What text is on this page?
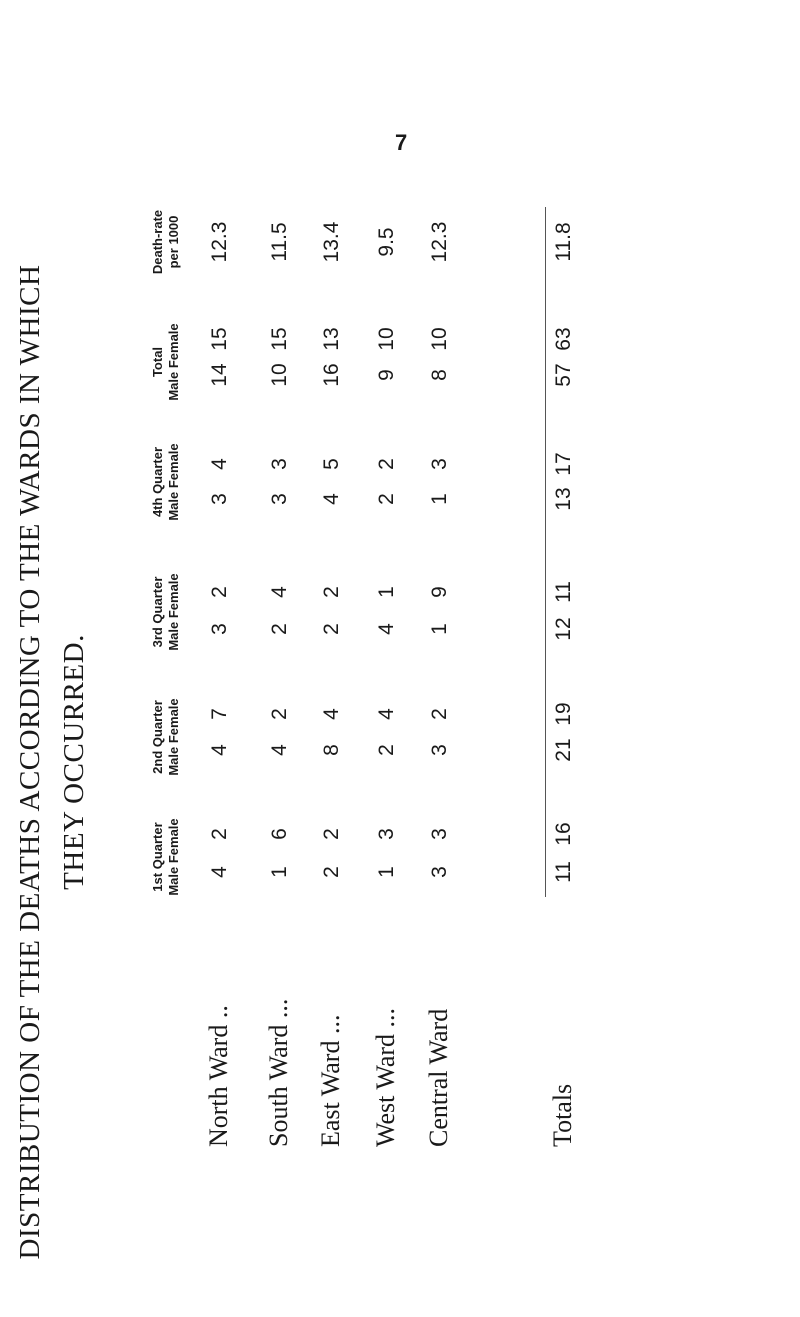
7
DISTRIBUTION OF THE DEATHS ACCORDING TO THE WARDS IN WHICH THEY OCCURRED.	1st Quarter Male Female
2nd Quarter Male Female
3rd Quarter Male Female
4th Quarter Male Female
Total Male Female
Death-rate per 1000
North Ward ..
4
2
4
7
3
2
3
4
14
15
12.3
South Ward ...
1
6
4
2
2
4
3
3
10
15
11.5
East Ward ...
2
2
8
4
2
2
4
5
16
13
13.4
West Ward ...
1
3
2
4
4
1
2
2
9
10
9.5
Central Ward
3
3
3
2
1
9
1
3
8
10
12.3
Totals
11
16
21
19
12
11
13
17
57
63
11.8
